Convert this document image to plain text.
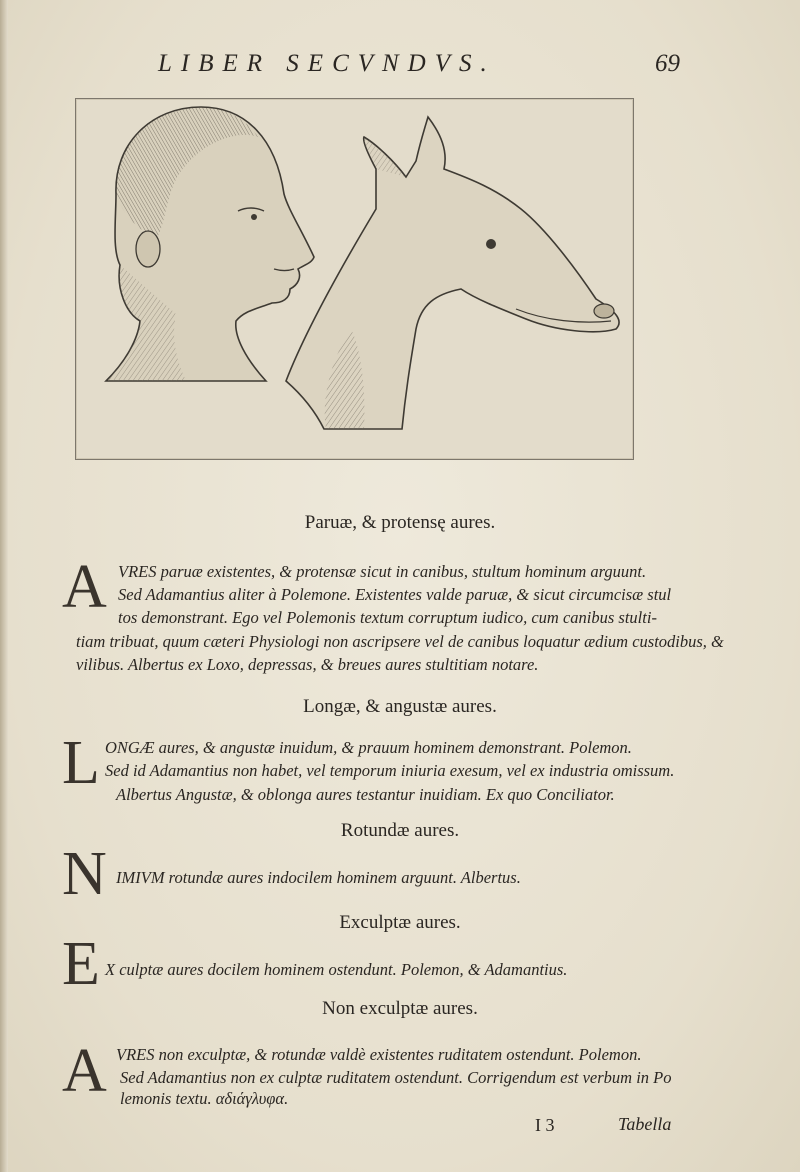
LIBER SECVNDVS.	69
Paruæ, & protensę aures.
A VRES paruæ existentes, & protensæ sicut in canibus, stultum hominum arguunt.
Sed Adamantius aliter à Polemone. Existentes valde paruæ, & sicut circumcisæ stul
tos demonstrant. Ego vel Polemonis textum corruptum iudico, cum canibus stulti-
tiam tribuat, quum cæteri Physiologi non ascripsere vel de canibus loquatur ædium custodibus, &
vilibus. Albertus ex Loxo, depressas, & breues aures stultitiam notare.
Longæ, & angustæ aures.
L ONGÆ aures, & angustæ inuidum, & prauum hominem demonstrant. Polemon.
Sed id Adamantius non habet, vel temporum iniuria exesum, vel ex industria omissum.
Albertus Angustæ, & oblonga aures testantur inuidiam. Ex quo Conciliator.
Rotundæ aures.
N IMIVM rotundæ aures indocilem hominem arguunt. Albertus.
Exculptæ aures.
E X culptæ aures docilem hominem ostendunt. Polemon, & Adamantius.
Non exculptæ aures.
A VRES non exculptæ, & rotundæ valdè existentes ruditatem ostendunt. Polemon.
Sed Adamantius non ex culptæ ruditatem ostendunt. Corrigendum est verbum in Po
lemonis textu. αδιάγλυφα.
I 3	Tabella
